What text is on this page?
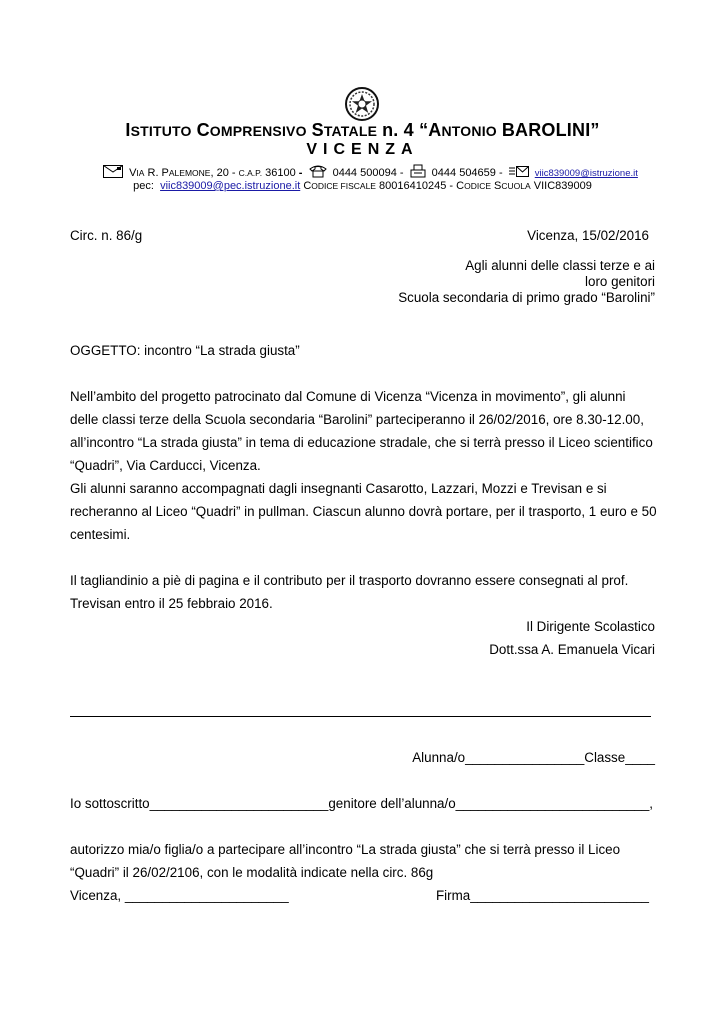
ISTITUTO COMPRENSIVO STATALE n. 4 “ANTONIO BAROLINI”
VICENZA
VIA R. PALEMONE, 20 - C.A.P. 36100 -	0444 500094 -	0444 504659 -	viic839009@istruzione.it
pec: viic839009@pec.istruzione.it CODICE FISCALE 80016410245 - CODICE SCUOLA VIIC839009
Circ. n. 86/g	Vicenza, 15/02/2016
Agli alunni delle classi terze e ai
loro genitori
Scuola secondaria di primo grado “Barolini”
OGGETTO: incontro “La strada giusta”
Nell’ambito del progetto patrocinato dal Comune di Vicenza “Vicenza in movimento”, gli alunni
delle classi terze della Scuola secondaria “Barolini” parteciperanno il 26/02/2016, ore 8.30-12.00,
all’incontro “La strada giusta” in tema di educazione stradale, che si terrà presso il Liceo scientifico
“Quadri”, Via Carducci, Vicenza.
Gli alunni saranno accompagnati dagli insegnanti Casarotto, Lazzari, Mozzi e Trevisan e si
recheranno al Liceo “Quadri” in pullman. Ciascun alunno dovrà portare, per il trasporto, 1 euro e 50
centesimi.
Il tagliandinio a piè di pagina e il contributo per il trasporto dovranno essere consegnati al prof.
Trevisan entro il 25 febbraio 2016.
Il Dirigente Scolastico
Dott.ssa A. Emanuela Vicari
Alunna/o________________Classe____
Io sottoscritto________________________genitore dell’alunna/o__________________________,
autorizzo mia/o figlia/o a partecipare all’incontro “La strada giusta” che si terrà presso il Liceo
“Quadri” il 26/02/2106, con le modalità indicate nella circ. 86g
Vicenza, ______________________	Firma________________________
